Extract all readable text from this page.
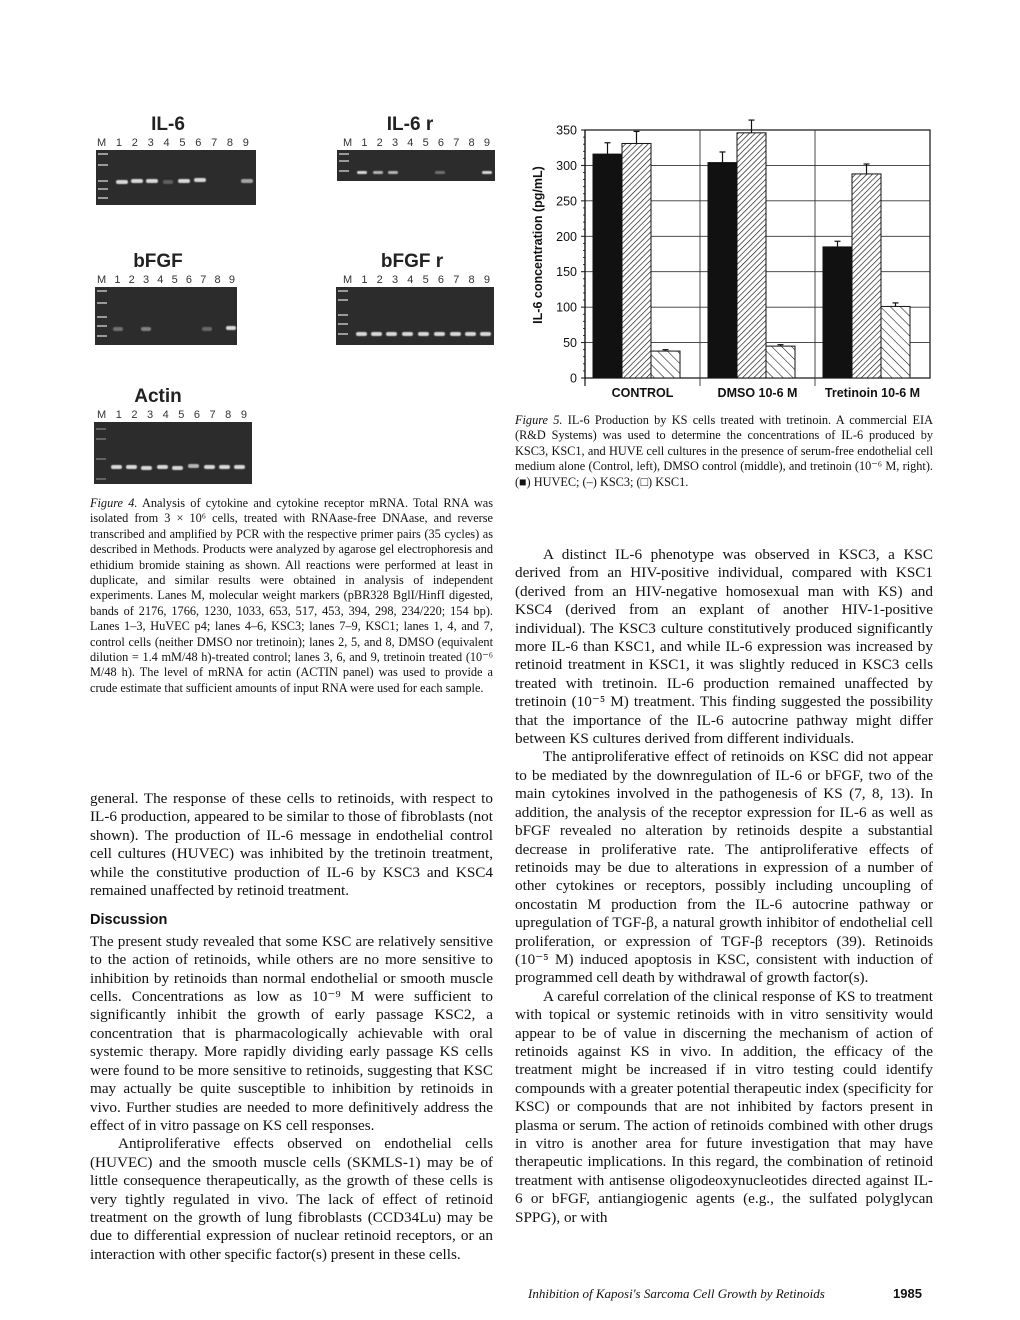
IL-6
M 1 2 3 4 5 6 7 8 9
IL-6 r
M 1 2 3 4 5 6 7 8 9
bFGF
M 1 2 3 4 5 6 7 8 9
bFGF r
M 1 2 3 4 5 6 7 8 9
Actin
M 1 2 3 4 5 6 7 8 9
Figure 4. Analysis of cytokine and cytokine receptor mRNA. Total RNA was isolated from 3 × 10⁶ cells, treated with RNAase-free DNAase, and reverse transcribed and amplified by PCR with the respective primer pairs (35 cycles) as described in Methods. Products were analyzed by agarose gel electrophoresis and ethidium bromide staining as shown. All reactions were performed at least in duplicate, and similar results were obtained in analysis of independent experiments. Lanes M, molecular weight markers (pBR328 BglI/HinfI digested, bands of 2176, 1766, 1230, 1033, 653, 517, 453, 394, 298, 234/220; 154 bp). Lanes 1–3, HuVEC p4; lanes 4–6, KSC3; lanes 7–9, KSC1; lanes 1, 4, and 7, control cells (neither DMSO nor tretinoin); lanes 2, 5, and 8, DMSO (equivalent dilution = 1.4 mM/48 h)-treated control; lanes 3, 6, and 9, tretinoin treated (10⁻⁶ M/48 h). The level of mRNA for actin (ACTIN panel) was used to provide a crude estimate that sufficient amounts of input RNA were used for each sample.
0
50
100
150
200
250
300
350
CONTROL	DMSO 10-6 M Tretinoin 10-6 M
IL-6 concentration (pg/mL)
Figure 5. IL-6 Production by KS cells treated with tretinoin. A commercial EIA (R&D Systems) was used to determine the concentrations of IL-6 produced by KSC3, KSC1, and HUVE cell cultures in the presence of serum-free endothelial cell medium alone (Control, left), DMSO control (middle), and tretinoin (10⁻⁶ M, right). (■) HUVEC; (–) KSC3; (□) KSC1.

general. The response of these cells to retinoids, with respect to IL-6 production, appeared to be similar to those of fibroblasts (not shown). The production of IL-6 message in endothelial control cell cultures (HUVEC) was inhibited by the tretinoin treatment, while the constitutive production of IL-6 by KSC3 and KSC4 remained unaffected by retinoid treatment.

Discussion

The present study revealed that some KSC are relatively sensitive to the action of retinoids, while others are no more sensitive to inhibition by retinoids than normal endothelial or smooth muscle cells. Concentrations as low as 10⁻⁹ M were sufficient to significantly inhibit the growth of early passage KSC2, a concentration that is pharmacologically achievable with oral systemic therapy. More rapidly dividing early passage KS cells were found to be more sensitive to retinoids, suggesting that KSC may actually be quite susceptible to inhibition by retinoids in vivo. Further studies are needed to more definitively address the effect of in vitro passage on KS cell responses.

Antiproliferative effects observed on endothelial cells (HUVEC) and the smooth muscle cells (SKMLS-1) may be of little consequence therapeutically, as the growth of these cells is very tightly regulated in vivo. The lack of effect of retinoid treatment on the growth of lung fibroblasts (CCD34Lu) may be due to differential expression of nuclear retinoid receptors, or an interaction with other specific factor(s) present in these cells.

A distinct IL-6 phenotype was observed in KSC3, a KSC derived from an HIV-positive individual, compared with KSC1 (derived from an HIV-negative homosexual man with KS) and KSC4 (derived from an explant of another HIV-1-positive individual). The KSC3 culture constitutively produced significantly more IL-6 than KSC1, and while IL-6 expression was increased by retinoid treatment in KSC1, it was slightly reduced in KSC3 cells treated with tretinoin. IL-6 production remained unaffected by tretinoin (10⁻⁵ M) treatment. This finding suggested the possibility that the importance of the IL-6 autocrine pathway might differ between KS cultures derived from different individuals.

The antiproliferative effect of retinoids on KSC did not appear to be mediated by the downregulation of IL-6 or bFGF, two of the main cytokines involved in the pathogenesis of KS (7, 8, 13). In addition, the analysis of the receptor expression for IL-6 as well as bFGF revealed no alteration by retinoids despite a substantial decrease in proliferative rate. The antiproliferative effects of retinoids may be due to alterations in expression of a number of other cytokines or receptors, possibly including uncoupling of oncostatin M production from the IL-6 autocrine pathway or upregulation of TGF-β, a natural growth inhibitor of endothelial cell proliferation, or expression of TGF-β receptors (39). Retinoids (10⁻⁵ M) induced apoptosis in KSC, consistent with induction of programmed cell death by withdrawal of growth factor(s).

A careful correlation of the clinical response of KS to treatment with topical or systemic retinoids with in vitro sensitivity would appear to be of value in discerning the mechanism of action of retinoids against KS in vivo. In addition, the efficacy of the treatment might be increased if in vitro testing could identify compounds with a greater potential therapeutic index (specificity for KSC) or compounds that are not inhibited by factors present in plasma or serum. The action of retinoids combined with other drugs in vitro is another area for future investigation that may have therapeutic implications. In this regard, the combination of retinoid treatment with antisense oligodeoxynucleotides directed against IL-6 or bFGF, antiangiogenic agents (e.g., the sulfated polyglycan SPPG), or with

Inhibition of Kaposi's Sarcoma Cell Growth by Retinoids	1985
